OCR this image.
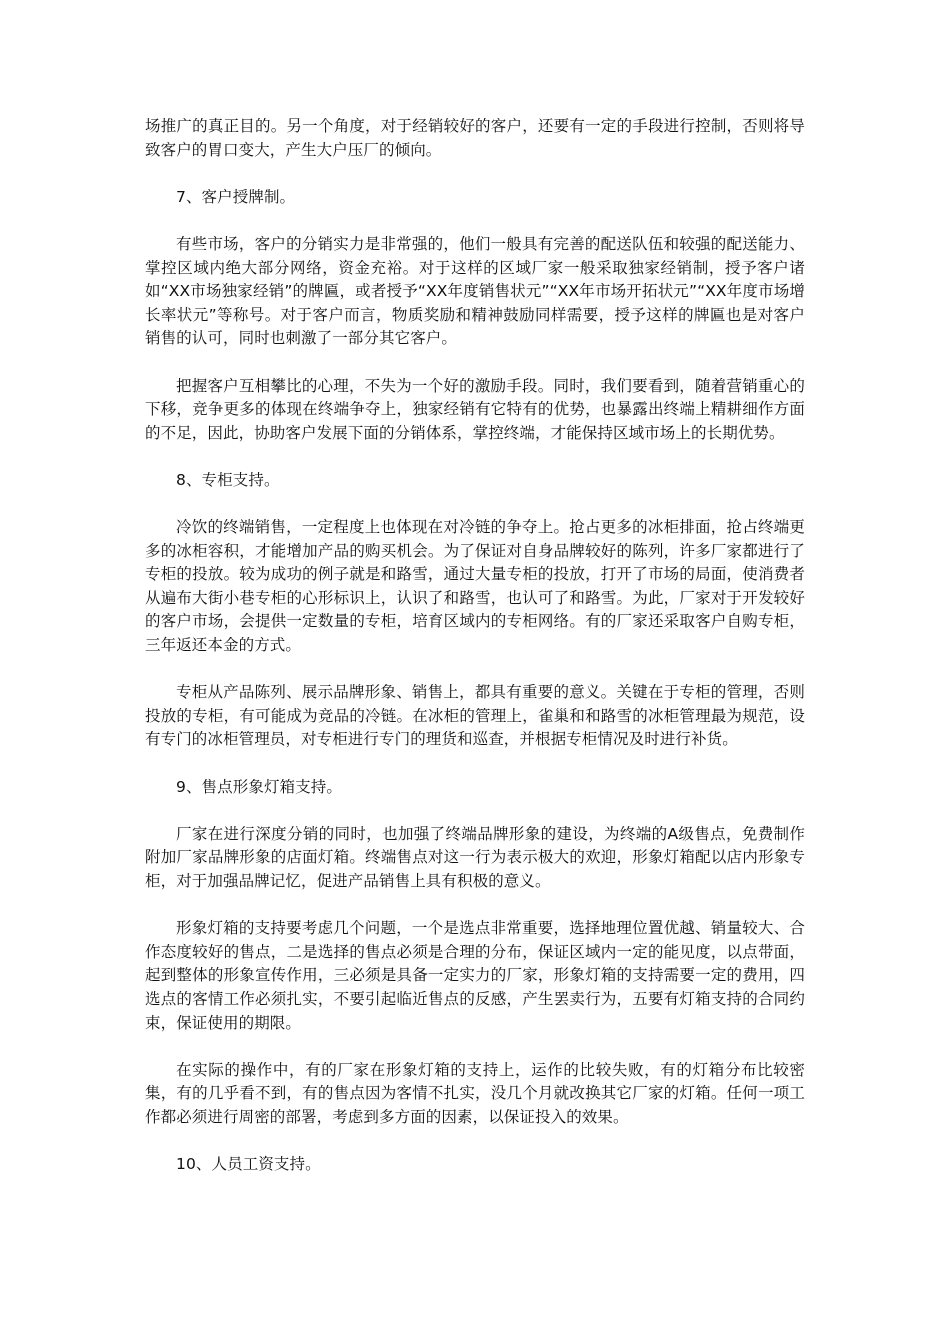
场推广的真正目的。另一个角度，对于经销较好的客户，还要有一定的手段进行控制，否则将导致客户的胃口变大，产生大户压厂的倾向。

7、客户授牌制。

有些市场，客户的分销实力是非常强的，他们一般具有完善的配送队伍和较强的配送能力、掌控区域内绝大部分网络，资金充裕。对于这样的区域厂家一般采取独家经销制，授予客户诸如“XX市场独家经销”的牌匾，或者授予“XX年度销售状元”“XX年市场开拓状元”“XX年度市场增长率状元”等称号。对于客户而言，物质奖励和精神鼓励同样需要，授予这样的牌匾也是对客户销售的认可，同时也刺激了一部分其它客户。

把握客户互相攀比的心理，不失为一个好的激励手段。同时，我们要看到，随着营销重心的下移，竞争更多的体现在终端争夺上，独家经销有它特有的优势，也暴露出终端上精耕细作方面的不足，因此，协助客户发展下面的分销体系，掌控终端，才能保持区域市场上的长期优势。

8、专柜支持。

冷饮的终端销售，一定程度上也体现在对冷链的争夺上。抢占更多的冰柜排面，抢占终端更多的冰柜容积，才能增加产品的购买机会。为了保证对自身品牌较好的陈列，许多厂家都进行了专柜的投放。较为成功的例子就是和路雪，通过大量专柜的投放，打开了市场的局面，使消费者从遍布大街小巷专柜的心形标识上，认识了和路雪，也认可了和路雪。为此，厂家对于开发较好的客户市场，会提供一定数量的专柜，培育区域内的专柜网络。有的厂家还采取客户自购专柜，三年返还本金的方式。

专柜从产品陈列、展示品牌形象、销售上，都具有重要的意义。关键在于专柜的管理，否则投放的专柜，有可能成为竞品的冷链。在冰柜的管理上，雀巢和和路雪的冰柜管理最为规范，设有专门的冰柜管理员，对专柜进行专门的理货和巡查，并根据专柜情况及时进行补货。

9、售点形象灯箱支持。

厂家在进行深度分销的同时，也加强了终端品牌形象的建设，为终端的A级售点，免费制作附加厂家品牌形象的店面灯箱。终端售点对这一行为表示极大的欢迎，形象灯箱配以店内形象专柜，对于加强品牌记忆，促进产品销售上具有积极的意义。

形象灯箱的支持要考虑几个问题，一个是选点非常重要，选择地理位置优越、销量较大、合作态度较好的售点，二是选择的售点必须是合理的分布，保证区域内一定的能见度，以点带面，起到整体的形象宣传作用，三必须是具备一定实力的厂家，形象灯箱的支持需要一定的费用，四选点的客情工作必须扎实，不要引起临近售点的反感，产生罢卖行为，五要有灯箱支持的合同约束，保证使用的期限。

在实际的操作中，有的厂家在形象灯箱的支持上，运作的比较失败，有的灯箱分布比较密集，有的几乎看不到，有的售点因为客情不扎实，没几个月就改换其它厂家的灯箱。任何一项工作都必须进行周密的部署，考虑到多方面的因素，以保证投入的效果。

10、人员工资支持。
